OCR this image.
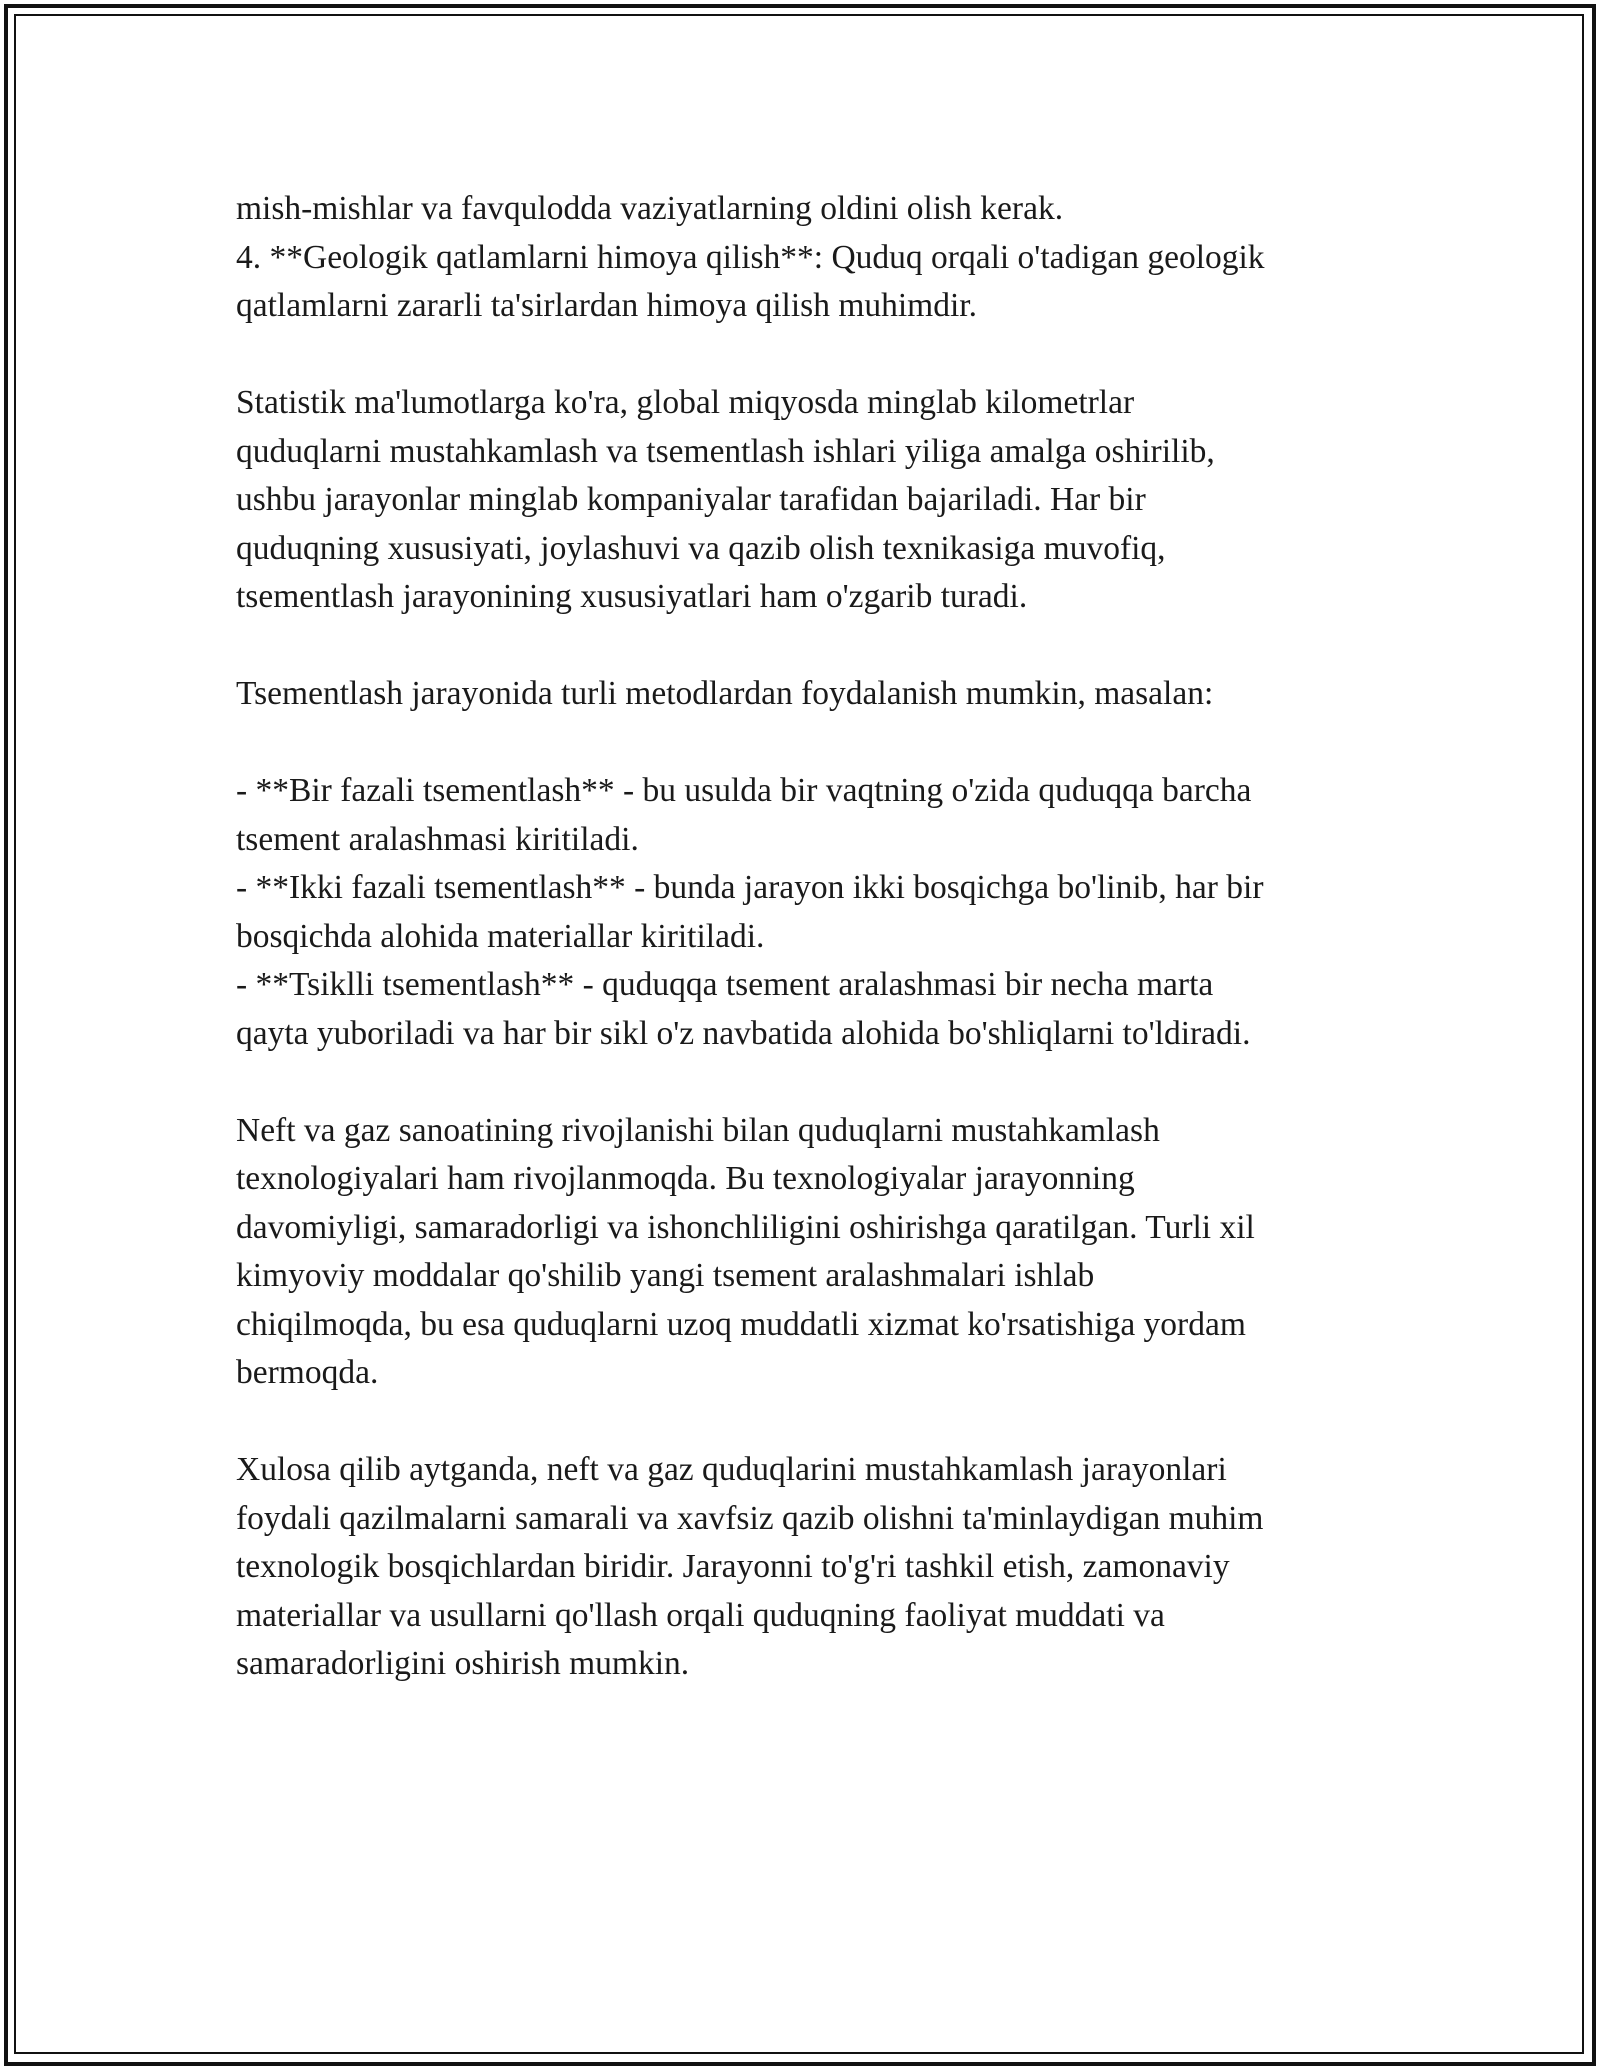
mish-mishlar va favqulodda vaziyatlarning oldini olish kerak.
4. **Geologik qatlamlarni himoya qilish**: Quduq orqali o'tadigan geologik
qatlamlarni zararli ta'sirlardan himoya qilish muhimdir.
Statistik ma'lumotlarga ko'ra, global miqyosda minglab kilometrlar
quduqlarni mustahkamlash va tsementlash ishlari yiliga amalga oshirilib,
ushbu jarayonlar minglab kompaniyalar tarafidan bajariladi. Har bir
quduqning xususiyati, joylashuvi va qazib olish texnikasiga muvofiq,
tsementlash jarayonining xususiyatlari ham o'zgarib turadi.
Tsementlash jarayonida turli metodlardan foydalanish mumkin, masalan:
- **Bir fazali tsementlash** - bu usulda bir vaqtning o'zida quduqqa barcha
tsement aralashmasi kiritiladi.
- **Ikki fazali tsementlash** - bunda jarayon ikki bosqichga bo'linib, har bir
bosqichda alohida materiallar kiritiladi.
- **Tsiklli tsementlash** - quduqqa tsement aralashmasi bir necha marta
qayta yuboriladi va har bir sikl o'z navbatida alohida bo'shliqlarni to'ldiradi.
Neft va gaz sanoatining rivojlanishi bilan quduqlarni mustahkamlash
texnologiyalari ham rivojlanmoqda. Bu texnologiyalar jarayonning
davomiyligi, samaradorligi va ishonchliligini oshirishga qaratilgan. Turli xil
kimyoviy moddalar qo'shilib yangi tsement aralashmalari ishlab
chiqilmoqda, bu esa quduqlarni uzoq muddatli xizmat ko'rsatishiga yordam
bermoqda.
Xulosa qilib aytganda, neft va gaz quduqlarini mustahkamlash jarayonlari
foydali qazilmalarni samarali va xavfsiz qazib olishni ta'minlaydigan muhim
texnologik bosqichlardan biridir. Jarayonni to'g'ri tashkil etish, zamonaviy
materiallar va usullarni qo'llash orqali quduqning faoliyat muddati va
samaradorligini oshirish mumkin.
